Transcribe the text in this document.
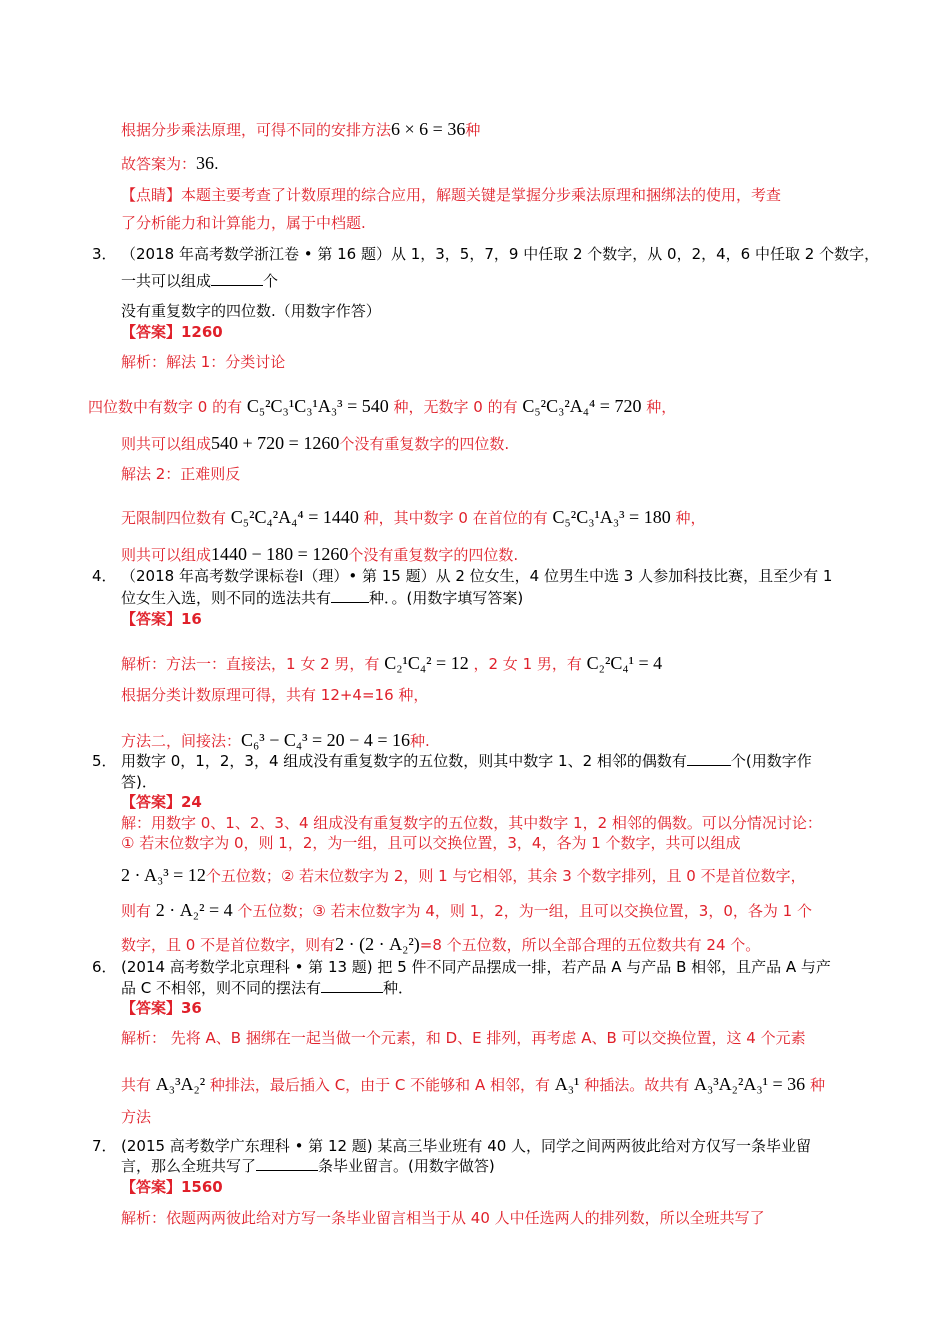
根据分步乘法原理，可得不同的安排方法6 × 6 = 36种
故答案为：36.
【点睛】本题主要考查了计数原理的综合应用，解题关键是掌握分步乘法原理和捆绑法的使用，考查
了分析能力和计算能力，属于中档题.
3． （2018 年高考数学浙江卷 • 第 16 题）从 1，3，5，7，9 中任取 2 个数字，从 0，2，4，6 中任取 2 个数字，
一共可以组成	个
没有重复数字的四位数.（用数字作答）
【答案】1260
解析：解法 1：分类讨论
四位数中有数字 0 的有 C₅²C₃¹C₃¹A₃³ = 540 种，无数字 0 的有 C₅²C₃²A₄⁴ = 720 种，
则共可以组成540 + 720 = 1260个没有重复数字的四位数.
解法 2：正难则反
无限制四位数有 C₅²C₄²A₄⁴ = 1440 种，其中数字 0 在首位的有 C₅²C₃¹A₃³ = 180 种，
则共可以组成1440 − 180 = 1260个没有重复数字的四位数.
4． （2018 年高考数学课标卷Ⅰ（理）• 第 15 题）从 2 位女生，4 位男生中选 3 人参加科技比赛，且至少有 1
位女生入选，则不同的选法共有	种．。(用数字填写答案)
【答案】16
解析：方法一：直接法，1 女 2 男，有 C₂¹C₄² = 12 ，2 女 1 男，有 C₂²C₄¹ = 4
根据分类计数原理可得，共有 12+4=16 种，
方法二，间接法：C₆³ − C₄³ = 20 − 4 = 16种.
5． 用数字 0，1，2，3，4 组成没有重复数字的五位数，则其中数字 1、2 相邻的偶数有	个(用数字作
答)．
【答案】24
解：用数字 0、1、2、3、4 组成没有重复数字的五位数，其中数字 1，2 相邻的偶数。可以分情况讨论：
① 若末位数字为 0，则 1，2，为一组，且可以交换位置，3，4，各为 1 个数字，共可以组成
2 · A₃³ = 12个五位数；② 若末位数字为 2，则 1 与它相邻，其余 3 个数字排列，且 0 不是首位数字，
则有 2 · A₂² = 4 个五位数；③ 若末位数字为 4，则 1，2，为一组，且可以交换位置，3，0，各为 1 个
数字，且 0 不是首位数字，则有2 · (2 · A₂²)=8 个五位数，所以全部合理的五位数共有 24 个。
6． (2014 高考数学北京理科 • 第 13 题) 把 5 件不同产品摆成一排，若产品 A 与产品 B 相邻，且产品 A 与产
品 C 不相邻，则不同的摆法有	种．
【答案】36
解析： 先将 A、B 捆绑在一起当做一个元素，和 D、E 排列，再考虑 A、B 可以交换位置，这 4 个元素
共有 A₃³A₂² 种排法，最后插入 C，由于 C 不能够和 A 相邻，有 A₃¹ 种插法。故共有 A₃³A₂²A₃¹ = 36 种
方法
7． (2015 高考数学广东理科 • 第 12 题) 某高三毕业班有 40 人，同学之间两两彼此给对方仅写一条毕业留
言，那么全班共写了	条毕业留言。(用数字做答)
【答案】1560
解析：依题两两彼此给对方写一条毕业留言相当于从 40 人中任选两人的排列数，所以全班共写了
